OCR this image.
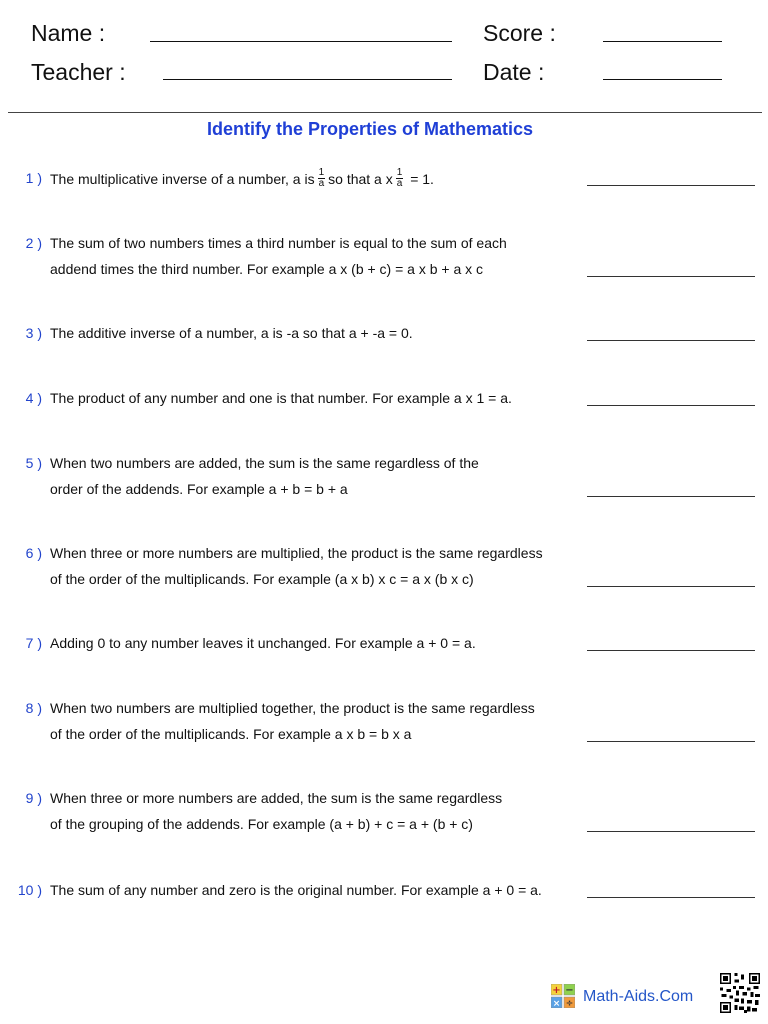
Name :
Teacher :
Score :
Date :
Identify the Properties of Mathematics
1 ) The multiplicative inverse of a number, a is $\frac{1}{a}$ so that a x $\frac{1}{a} = 1$.
2 ) The sum of two numbers times a third number is equal to the sum of each
addend times the third number. For example a x (b + c) = a x b + a x c
3 ) The additive inverse of a number, a is -a so that a + -a = 0.
4 ) The product of any number and one is that number. For example a x 1 = a.
5 ) When two numbers are added, the sum is the same regardless of the
order of the addends. For example a + b = b + a
6 ) When three or more numbers are multiplied, the product is the same regardless
of the order of the multiplicands. For example (a x b) x c = a x (b x c)
7 ) Adding 0 to any number leaves it unchanged. For example a + 0 = a.
8 ) When two numbers are multiplied together, the product is the same regardless
of the order of the multiplicands. For example a x b = b x a
9 ) When three or more numbers are added, the sum is the same regardless
of the grouping of the addends. For example (a + b) + c = a + (b + c)
10 ) The sum of any number and zero is the original number. For example a + 0 = a.
+ −
× ÷ Math-Aids.Com
